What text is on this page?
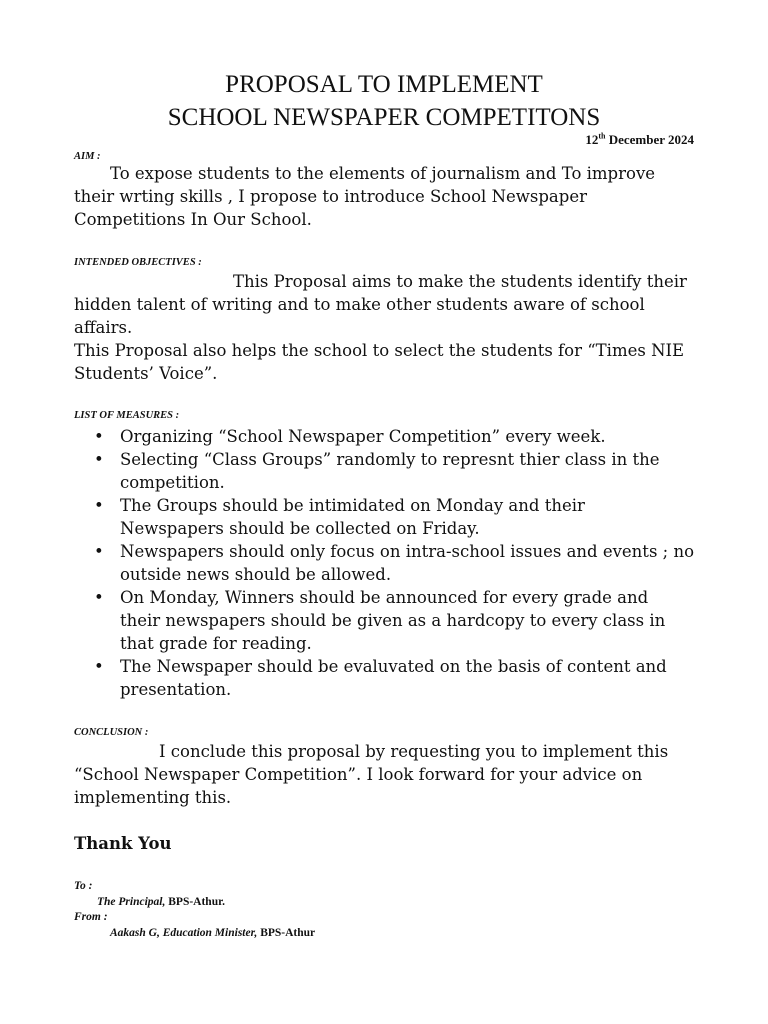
PROPOSAL TO IMPLEMENT
SCHOOL NEWSPAPER COMPETITONS
12th December 2024
AIM :
To expose students to the elements of journalism and To improve
their wrting skills , I propose to introduce School Newspaper
Competitions In Our School.
INTENDED OBJECTIVES :
This Proposal aims to make the students identify their
hidden talent of writing and to make other students aware of school
affairs.
This Proposal also helps the school to select the students for “Times NIE
Students’ Voice”.
LIST OF MEASURES :
• Organizing “School Newspaper Competition” every week.
• Selecting “Class Groups” randomly to represnt thier class in the
competition.
• The Groups should be intimidated on Monday and their
Newspapers should be collected on Friday.
• Newspapers should only focus on intra-school issues and events ; no
outside news should be allowed.
• On Monday, Winners should be announced for every grade and
their newspapers should be given as a hardcopy to every class in
that grade for reading.
• The Newspaper should be evaluvated on the basis of content and
presentation.
CONCLUSION :
I conclude this proposal by requesting you to implement this
“School Newspaper Competition”. I look forward for your advice on
implementing this.
Thank You
To :
The Principal, BPS-Athur.
From :
Aakash G, Education Minister, BPS-Athur
